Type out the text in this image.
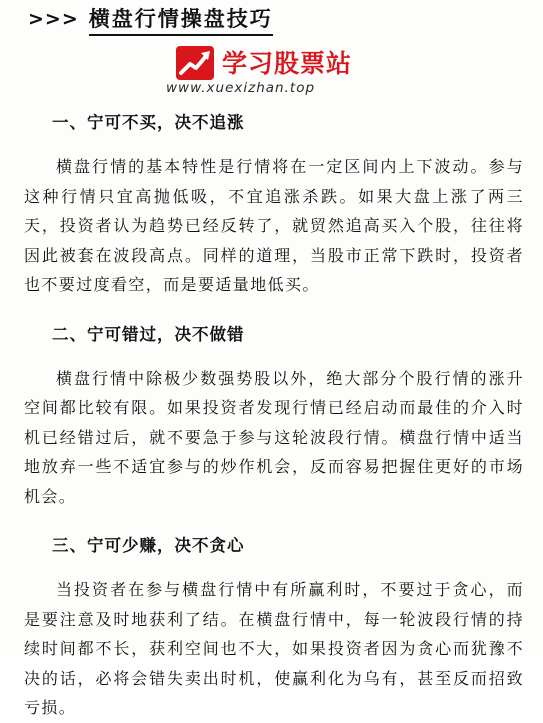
>>> 横盘行情操盘技巧
学习股票站
www.xuexizhan.top
一、宁可不买，决不追涨

横盘行情的基本特性是行情将在一定区间内上下波动。参与这种行情只宜高抛低吸，不宜追涨杀跌。如果大盘上涨了两三天，投资者认为趋势已经反转了，就贸然追高买入个股，往往将因此被套在波段高点。同样的道理，当股市正常下跌时，投资者也不要过度看空，而是要适量地低买。

二、宁可错过，决不做错

横盘行情中除极少数强势股以外，绝大部分个股行情的涨升空间都比较有限。如果投资者发现行情已经启动而最佳的介入时机已经错过后，就不要急于参与这轮波段行情。横盘行情中适当地放弃一些不适宜参与的炒作机会，反而容易把握住更好的市场机会。

三、宁可少赚，决不贪心

当投资者在参与横盘行情中有所赢利时，不要过于贪心，而是要注意及时地获利了结。在横盘行情中，每一轮波段行情的持续时间都不长，获利空间也不大，如果投资者因为贪心而犹豫不决的话，必将会错失卖出时机，使赢利化为乌有，甚至反而招致亏损。
